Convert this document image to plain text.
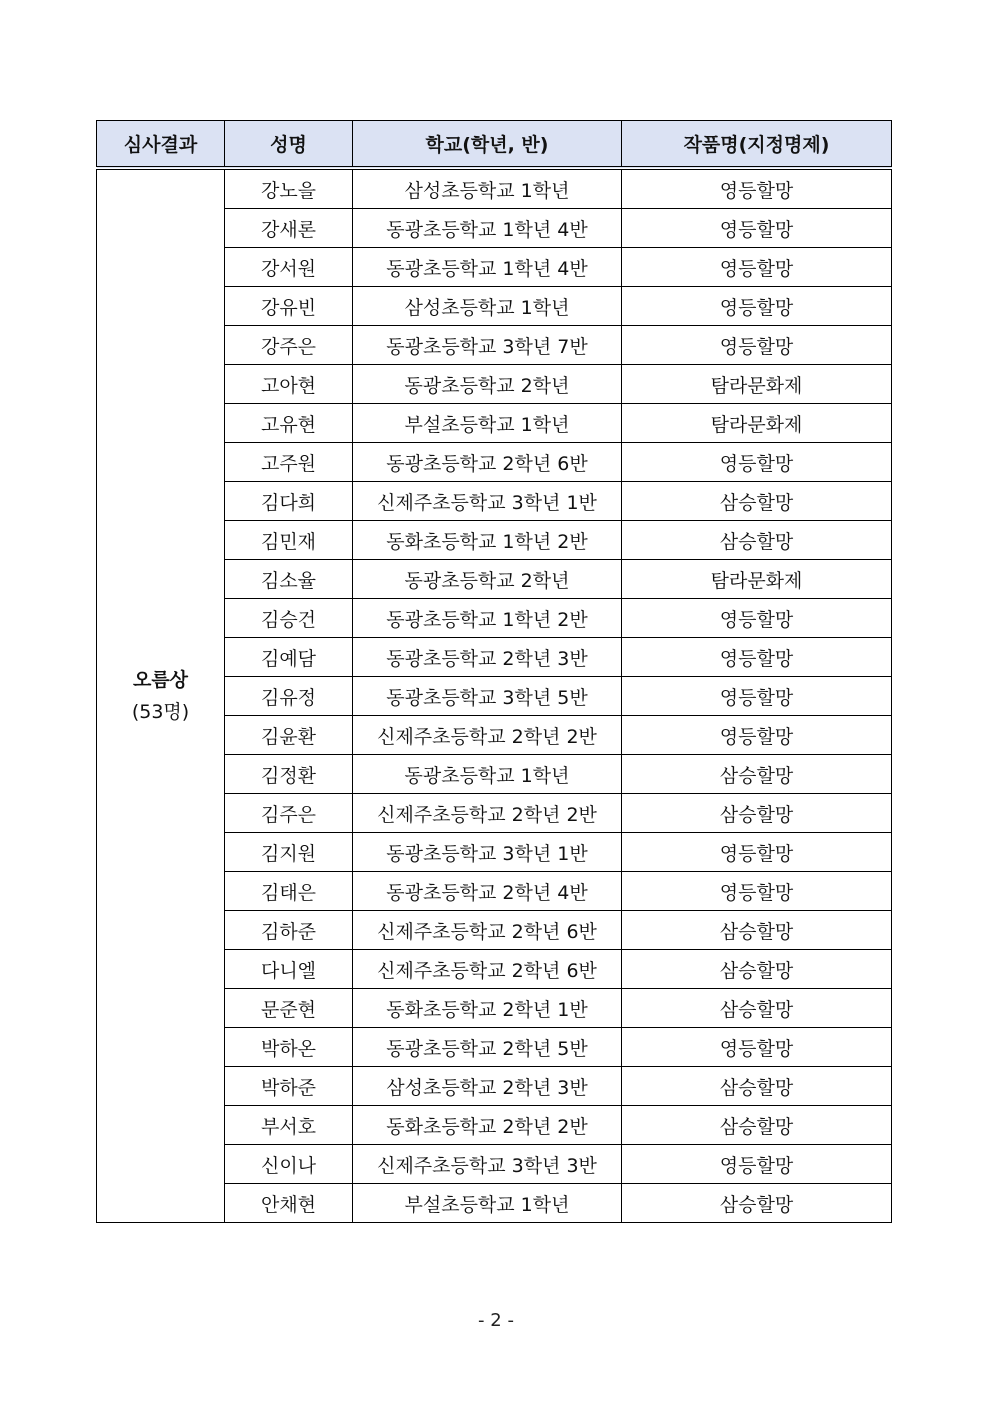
심사결과	성명	학교(학년, 반)	작품명(지정명제)

오름상
(53명)	강노을	삼성초등학교 1학년	영등할망
	강새론	동광초등학교 1학년 4반	영등할망
	강서원	동광초등학교 1학년 4반	영등할망
	강유빈	삼성초등학교 1학년	영등할망
	강주은	동광초등학교 3학년 7반	영등할망
	고아현	동광초등학교 2학년	탐라문화제
	고유현	부설초등학교 1학년	탐라문화제
	고주원	동광초등학교 2학년 6반	영등할망
	김다희	신제주초등학교 3학년 1반	삼승할망
	김민재	동화초등학교 1학년 2반	삼승할망
	김소율	동광초등학교 2학년	탐라문화제
	김승건	동광초등학교 1학년 2반	영등할망
	김예담	동광초등학교 2학년 3반	영등할망
	김유정	동광초등학교 3학년 5반	영등할망
	김윤환	신제주초등학교 2학년 2반	영등할망
	김정환	동광초등학교 1학년	삼승할망
	김주은	신제주초등학교 2학년 2반	삼승할망
	김지원	동광초등학교 3학년 1반	영등할망
	김태은	동광초등학교 2학년 4반	영등할망
	김하준	신제주초등학교 2학년 6반	삼승할망
	다니엘	신제주초등학교 2학년 6반	삼승할망
	문준현	동화초등학교 2학년 1반	삼승할망
	박하온	동광초등학교 2학년 5반	영등할망
	박하준	삼성초등학교 2학년 3반	삼승할망
	부서호	동화초등학교 2학년 2반	삼승할망
	신이나	신제주초등학교 3학년 3반	영등할망
	안채현	부설초등학교 1학년	삼승할망
- 2 -
